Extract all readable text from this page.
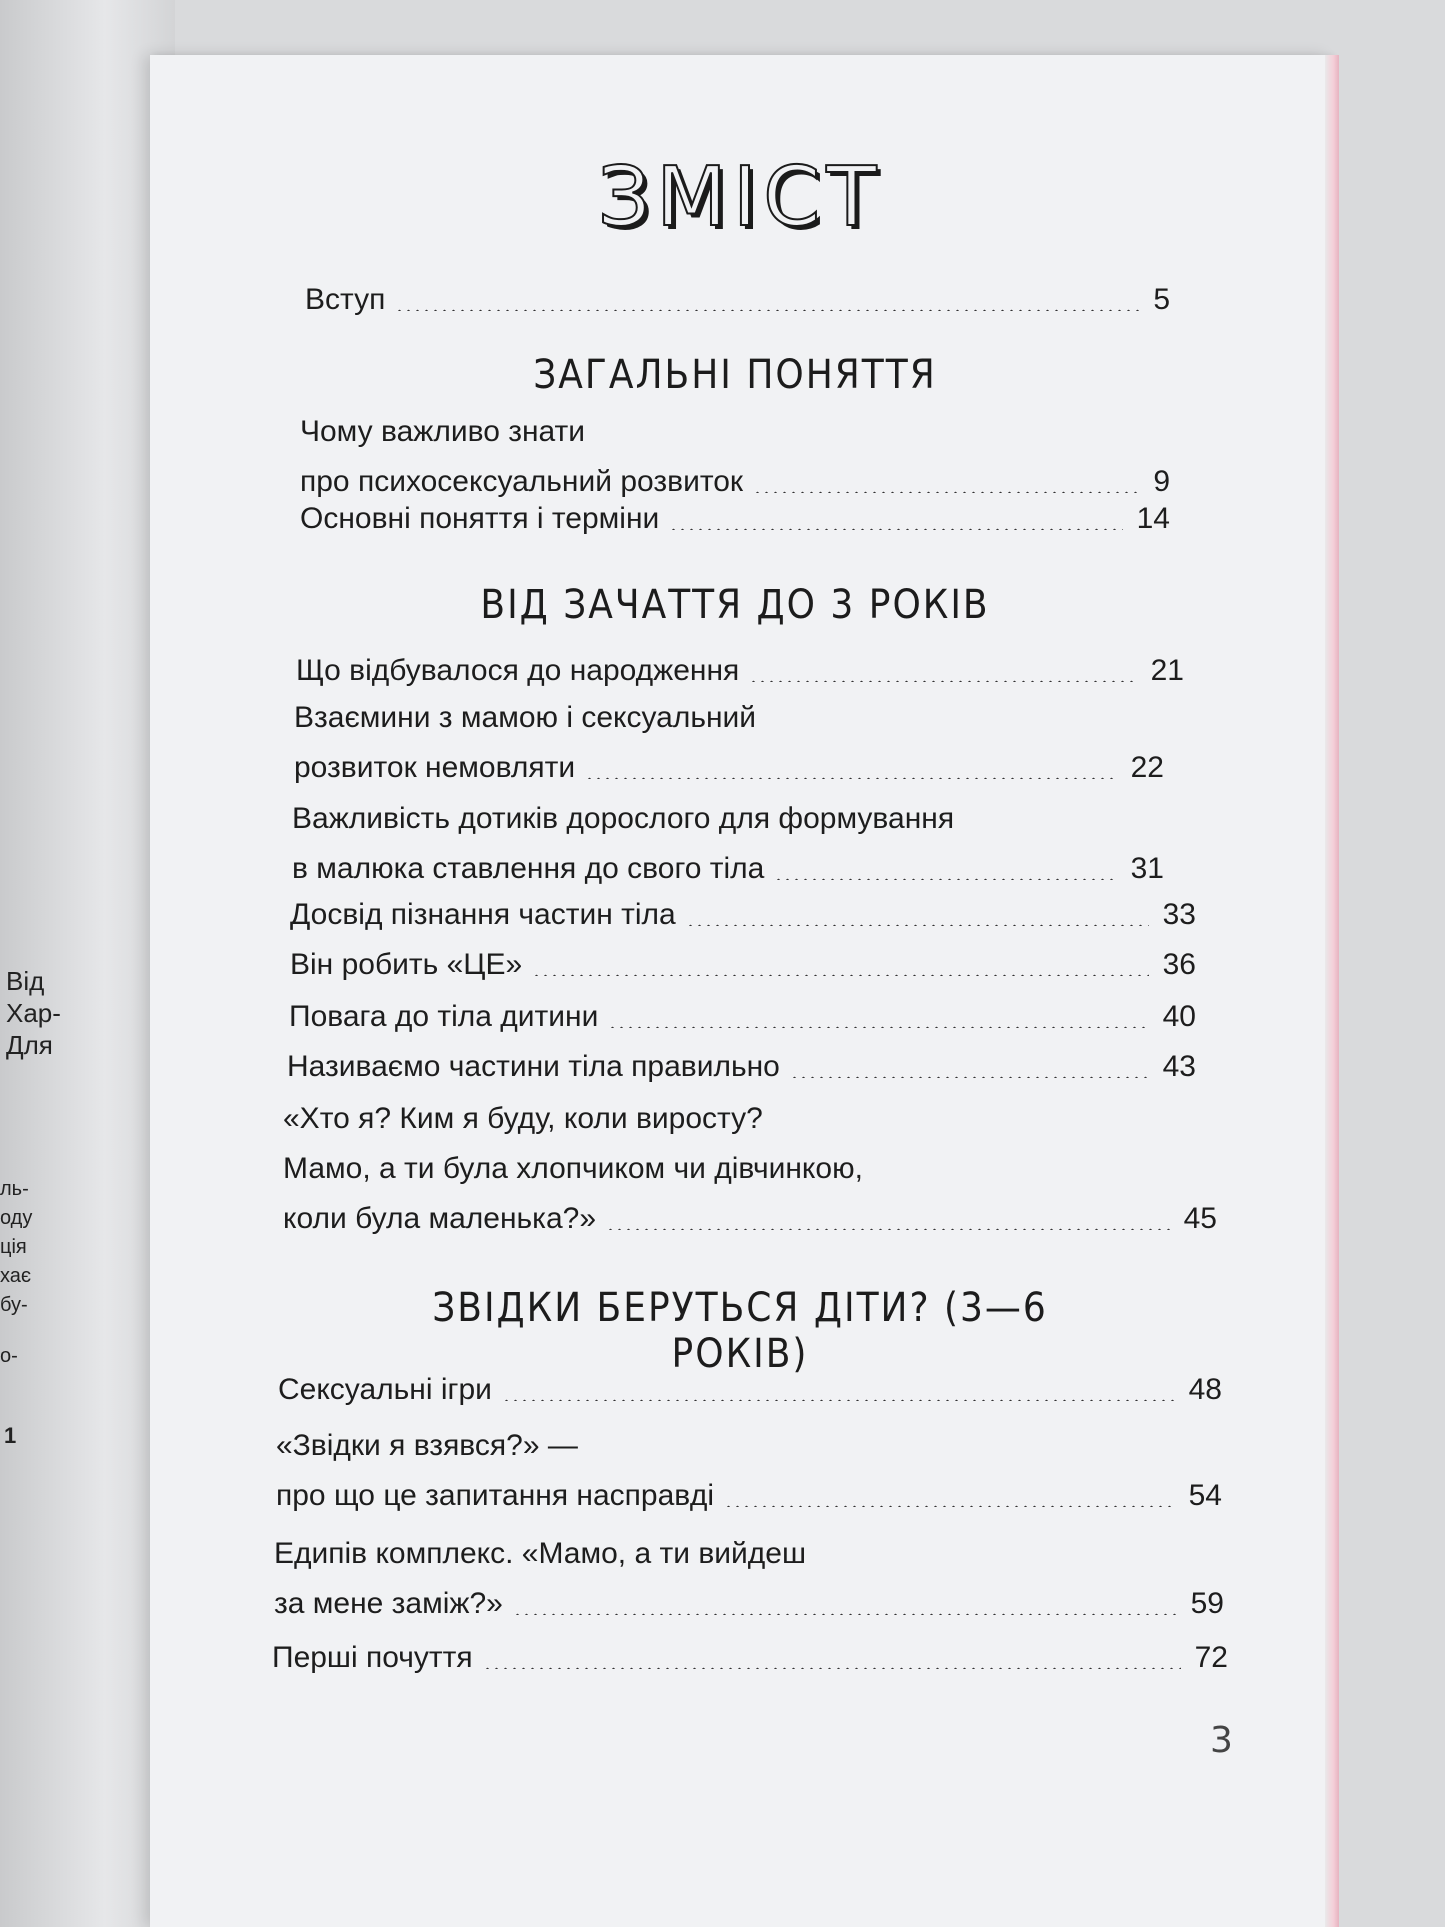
Від
Хар-
Для
ль-
оду
ція
хає
бу-
о-
1
ЗМІСТ
Вступ	5
ЗАГАЛЬНІ ПОНЯТТЯ
Чому важливо знати
про психосексуальний розвиток	9
Основні поняття і терміни	14
ВІД ЗАЧАТТЯ ДО 3 РОКІВ
Що відбувалося до народження	21
Взаємини з мамою і сексуальний
розвиток немовляти	22
Важливість дотиків дорослого для формування
в малюка ставлення до свого тіла	31
Досвід пізнання частин тіла	33
Він робить «ЦЕ»	36
Повага до тіла дитини	40
Називаємо частини тіла правильно	43
«Хто я? Ким я буду, коли виросту?
Мамо, а ти була хлопчиком чи дівчинкою,
коли була маленька?»	45
ЗВІДКИ БЕРУТЬСЯ ДІТИ? (3—6 РОКІВ)
Сексуальні ігри	48
«Звідки я взявся?» —
про що це запитання насправді	54
Едипів комплекс. «Мамо, а ти вийдеш
за мене заміж?»	59
Перші почуття	72
3
